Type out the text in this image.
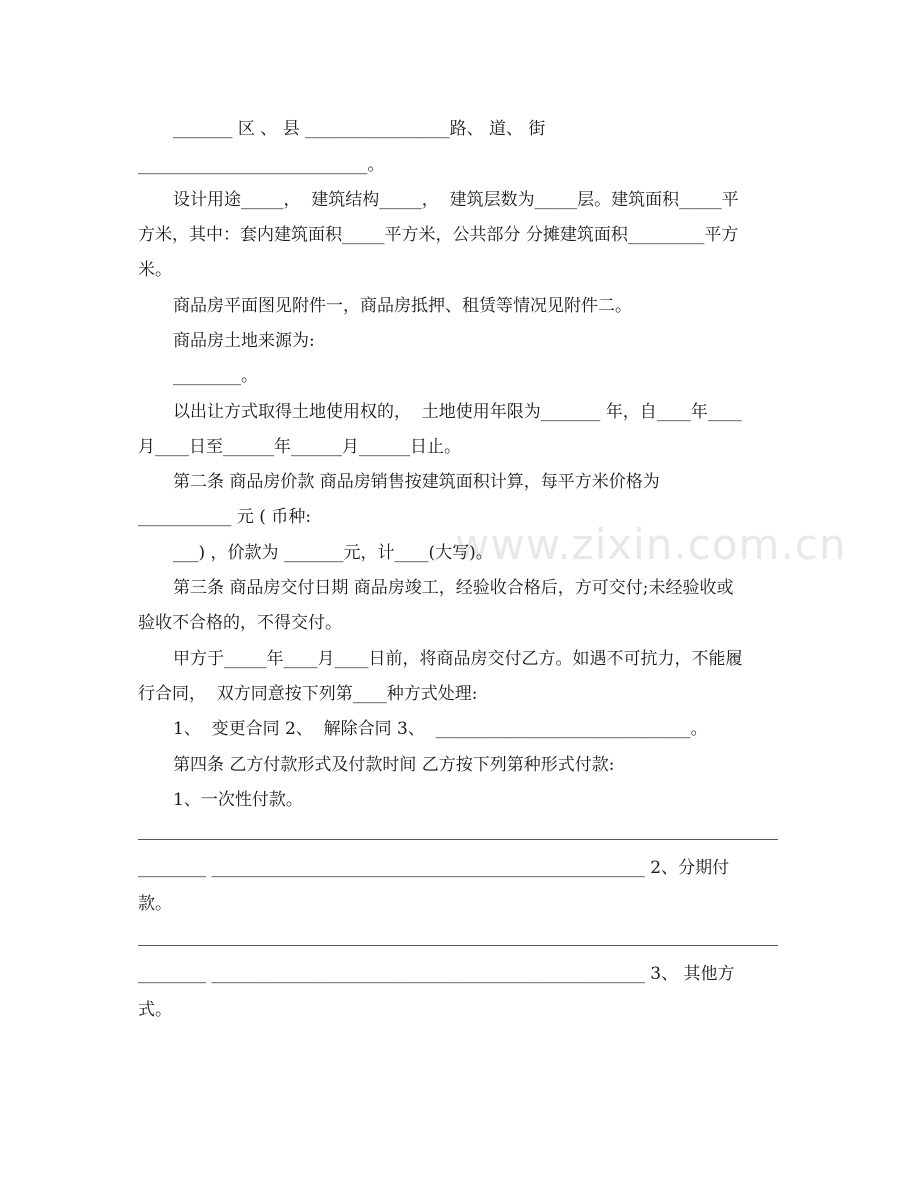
www.zixin.com.cn
_______ 区 、 县 _________________路、 道、 街
___________________________。
设计用途_____，  建筑结构_____，  建筑层数为_____层。建筑面积_____平
方米，其中：套内建筑面积_____平方米，公共部分 分摊建筑面积_________平方
米。
商品房平面图见附件一，商品房抵押、租赁等情况见附件二。
商品房土地来源为:
________。
以出让方式取得土地使用权的，  土地使用年限为_______ 年，自____年____
月____日至______年______月______日止。
第二条 商品房价款 商品房销售按建筑面积计算，每平方米价格为
___________ 元 ( 币种:
___) ，价款为 _______元，计____(大写)。
第三条 商品房交付日期 商品房竣工，经验收合格后，方可交付;未经验收或
验收不合格的，不得交付。
甲方于_____年____月____日前，将商品房交付乙方。如遇不可抗力，不能履
行合同，  双方同意按下列第____种方式处理:
1、  变更合同 2、  解除合同 3、  ______________________________。
第四条 乙方付款形式及付款时间 乙方按下列第种形式付款:
1、一次性付款。
________ ___________________________________________________ 2、分期付
款。
________ ___________________________________________________ 3、 其他方
式。
